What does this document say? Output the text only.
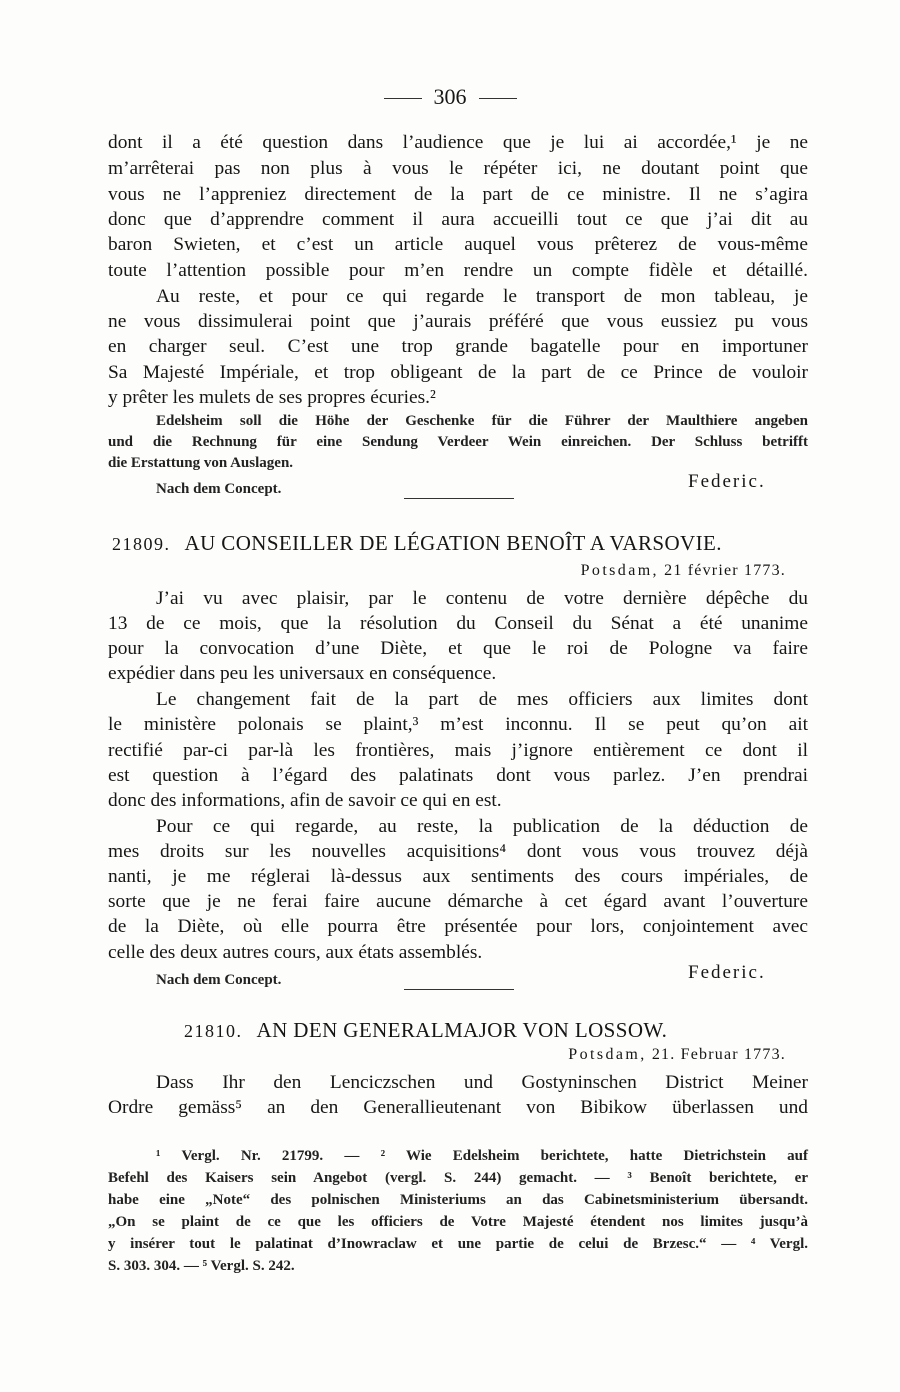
306
dont il a été question dans l’audience que je lui ai accordée,¹ je ne
m’arrêterai pas non plus à vous le répéter ici, ne doutant point que
vous ne l’appreniez directement de la part de ce ministre. Il ne s’agira
donc que d’apprendre comment il aura accueilli tout ce que j’ai dit au
baron Swieten, et c’est un article auquel vous prêterez de vous-même
toute l’attention possible pour m’en rendre un compte fidèle et détaillé.
Au reste, et pour ce qui regarde le transport de mon tableau, je
ne vous dissimulerai point que j’aurais préféré que vous eussiez pu vous
en charger seul. C’est une trop grande bagatelle pour en importuner
Sa Majesté Impériale, et trop obligeant de la part de ce Prince de vouloir
y prêter les mulets de ses propres écuries.²
Edelsheim soll die Höhe der Geschenke für die Führer der Maulthiere angeben
und die Rechnung für eine Sendung Verdeer Wein einreichen. Der Schluss betrifft
die Erstattung von Auslagen.
Nach dem Concept.	Federic.
21809. AU CONSEILLER DE LÉGATION BENOÎT A VARSOVIE.
Potsdam, 21 février 1773.
J’ai vu avec plaisir, par le contenu de votre dernière dépêche du
13 de ce mois, que la résolution du Conseil du Sénat a été unanime
pour la convocation d’une Diète, et que le roi de Pologne va faire
expédier dans peu les universaux en conséquence.
Le changement fait de la part de mes officiers aux limites dont
le ministère polonais se plaint,³ m’est inconnu. Il se peut qu’on ait
rectifié par-ci par-là les frontières, mais j’ignore entièrement ce dont il
est question à l’égard des palatinats dont vous parlez. J’en prendrai
donc des informations, afin de savoir ce qui en est.
Pour ce qui regarde, au reste, la publication de la déduction de
mes droits sur les nouvelles acquisitions⁴ dont vous vous trouvez déjà
nanti, je me réglerai là-dessus aux sentiments des cours impériales, de
sorte que je ne ferai faire aucune démarche à cet égard avant l’ouverture
de la Diète, où elle pourra être présentée pour lors, conjointement avec
celle des deux autres cours, aux états assemblés.
Nach dem Concept.	Federic.
21810. AN DEN GENERALMAJOR VON LOSSOW.
Potsdam, 21. Februar 1773.
Dass Ihr den Lenciczschen und Gostyninschen District Meiner
Ordre gemäss⁵ an den Generallieutenant von Bibikow überlassen und
¹ Vergl. Nr. 21799. — ² Wie Edelsheim berichtete, hatte Dietrichstein auf
Befehl des Kaisers sein Angebot (vergl. S. 244) gemacht. — ³ Benoît berichtete, er
habe eine „Note“ des polnischen Ministeriums an das Cabinetsministerium übersandt.
„On se plaint de ce que les officiers de Votre Majesté étendent nos limites jusqu’à
y insérer tout le palatinat d’Inowraclaw et une partie de celui de Brzesc.“ — ⁴ Vergl.
S. 303. 304. — ⁵ Vergl. S. 242.
